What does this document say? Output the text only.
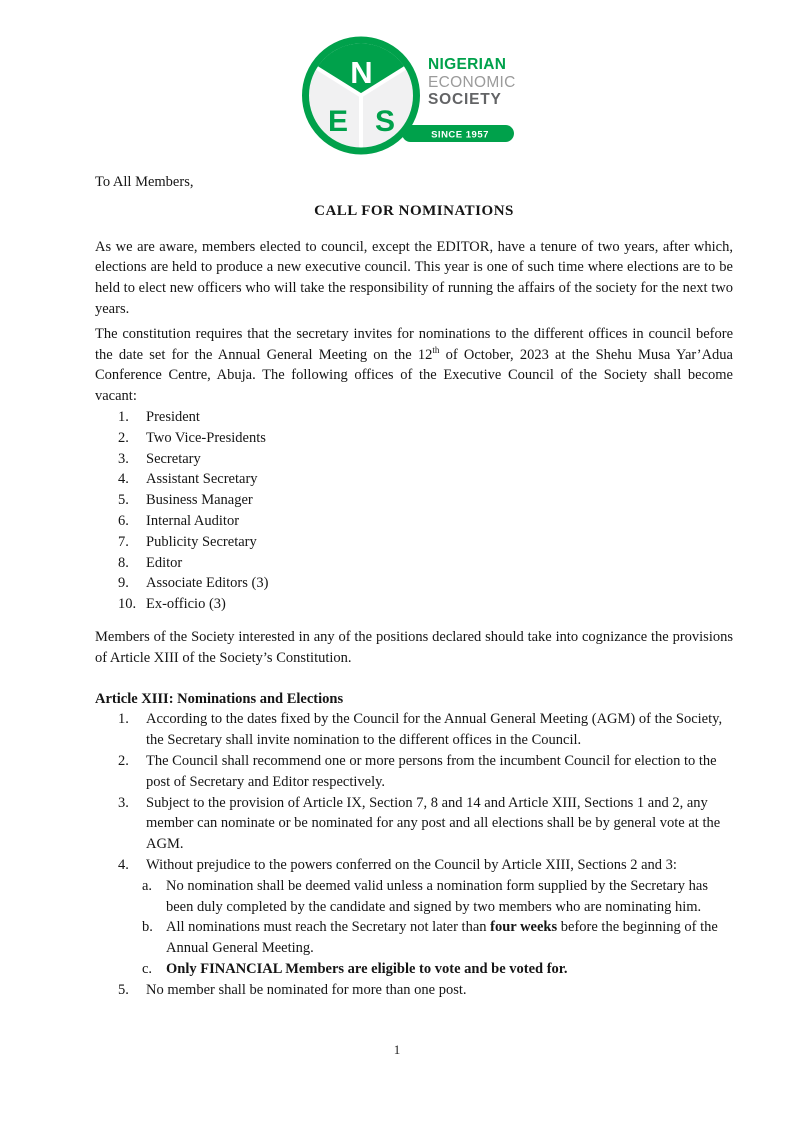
SINCE 1957
N
E S
NIGERIAN
ECONOMIC
SOCIETY
To All Members,
CALL FOR NOMINATIONS
As we are aware, members elected to council, except the EDITOR, have a tenure of two years, after which, elections are held to produce a new executive council. This year is one of such time where elections are to be held to elect new officers who will take the responsibility of running the affairs of the society for the next two years.
The constitution requires that the secretary invites for nominations to the different offices in council before the date set for the Annual General Meeting on the 12th of October, 2023 at the Shehu Musa Yar’Adua Conference Centre, Abuja. The following offices of the Executive Council of the Society shall become vacant:
1.	President
2.	Two Vice-Presidents
3.	Secretary
4.	Assistant Secretary
5.	Business Manager
6.	Internal Auditor
7.	Publicity Secretary
8.	Editor
9.	Associate Editors (3)
10. Ex-officio (3)
Members of the Society interested in any of the positions declared should take into cognizance the provisions of Article XIII of the Society’s Constitution.
Article XIII: Nominations and Elections
1.	According to the dates fixed by the Council for the Annual General Meeting (AGM) of the Society, the Secretary shall invite nomination to the different offices in the Council.
2.	The Council shall recommend one or more persons from the incumbent Council for election to the post of Secretary and Editor respectively.
3.	Subject to the provision of Article IX, Section 7, 8 and 14 and Article XIII, Sections 1 and 2, any member can nominate or be nominated for any post and all elections shall be by general vote at the AGM.
4.	Without prejudice to the powers conferred on the Council by Article XIII, Sections 2 and 3:
a. No nomination shall be deemed valid unless a nomination form supplied by the Secretary has been duly completed by the candidate and signed by two members who are nominating him.
b. All nominations must reach the Secretary not later than four weeks before the beginning of the Annual General Meeting.
c. Only FINANCIAL Members are eligible to vote and be voted for.
5.	No member shall be nominated for more than one post.
1
